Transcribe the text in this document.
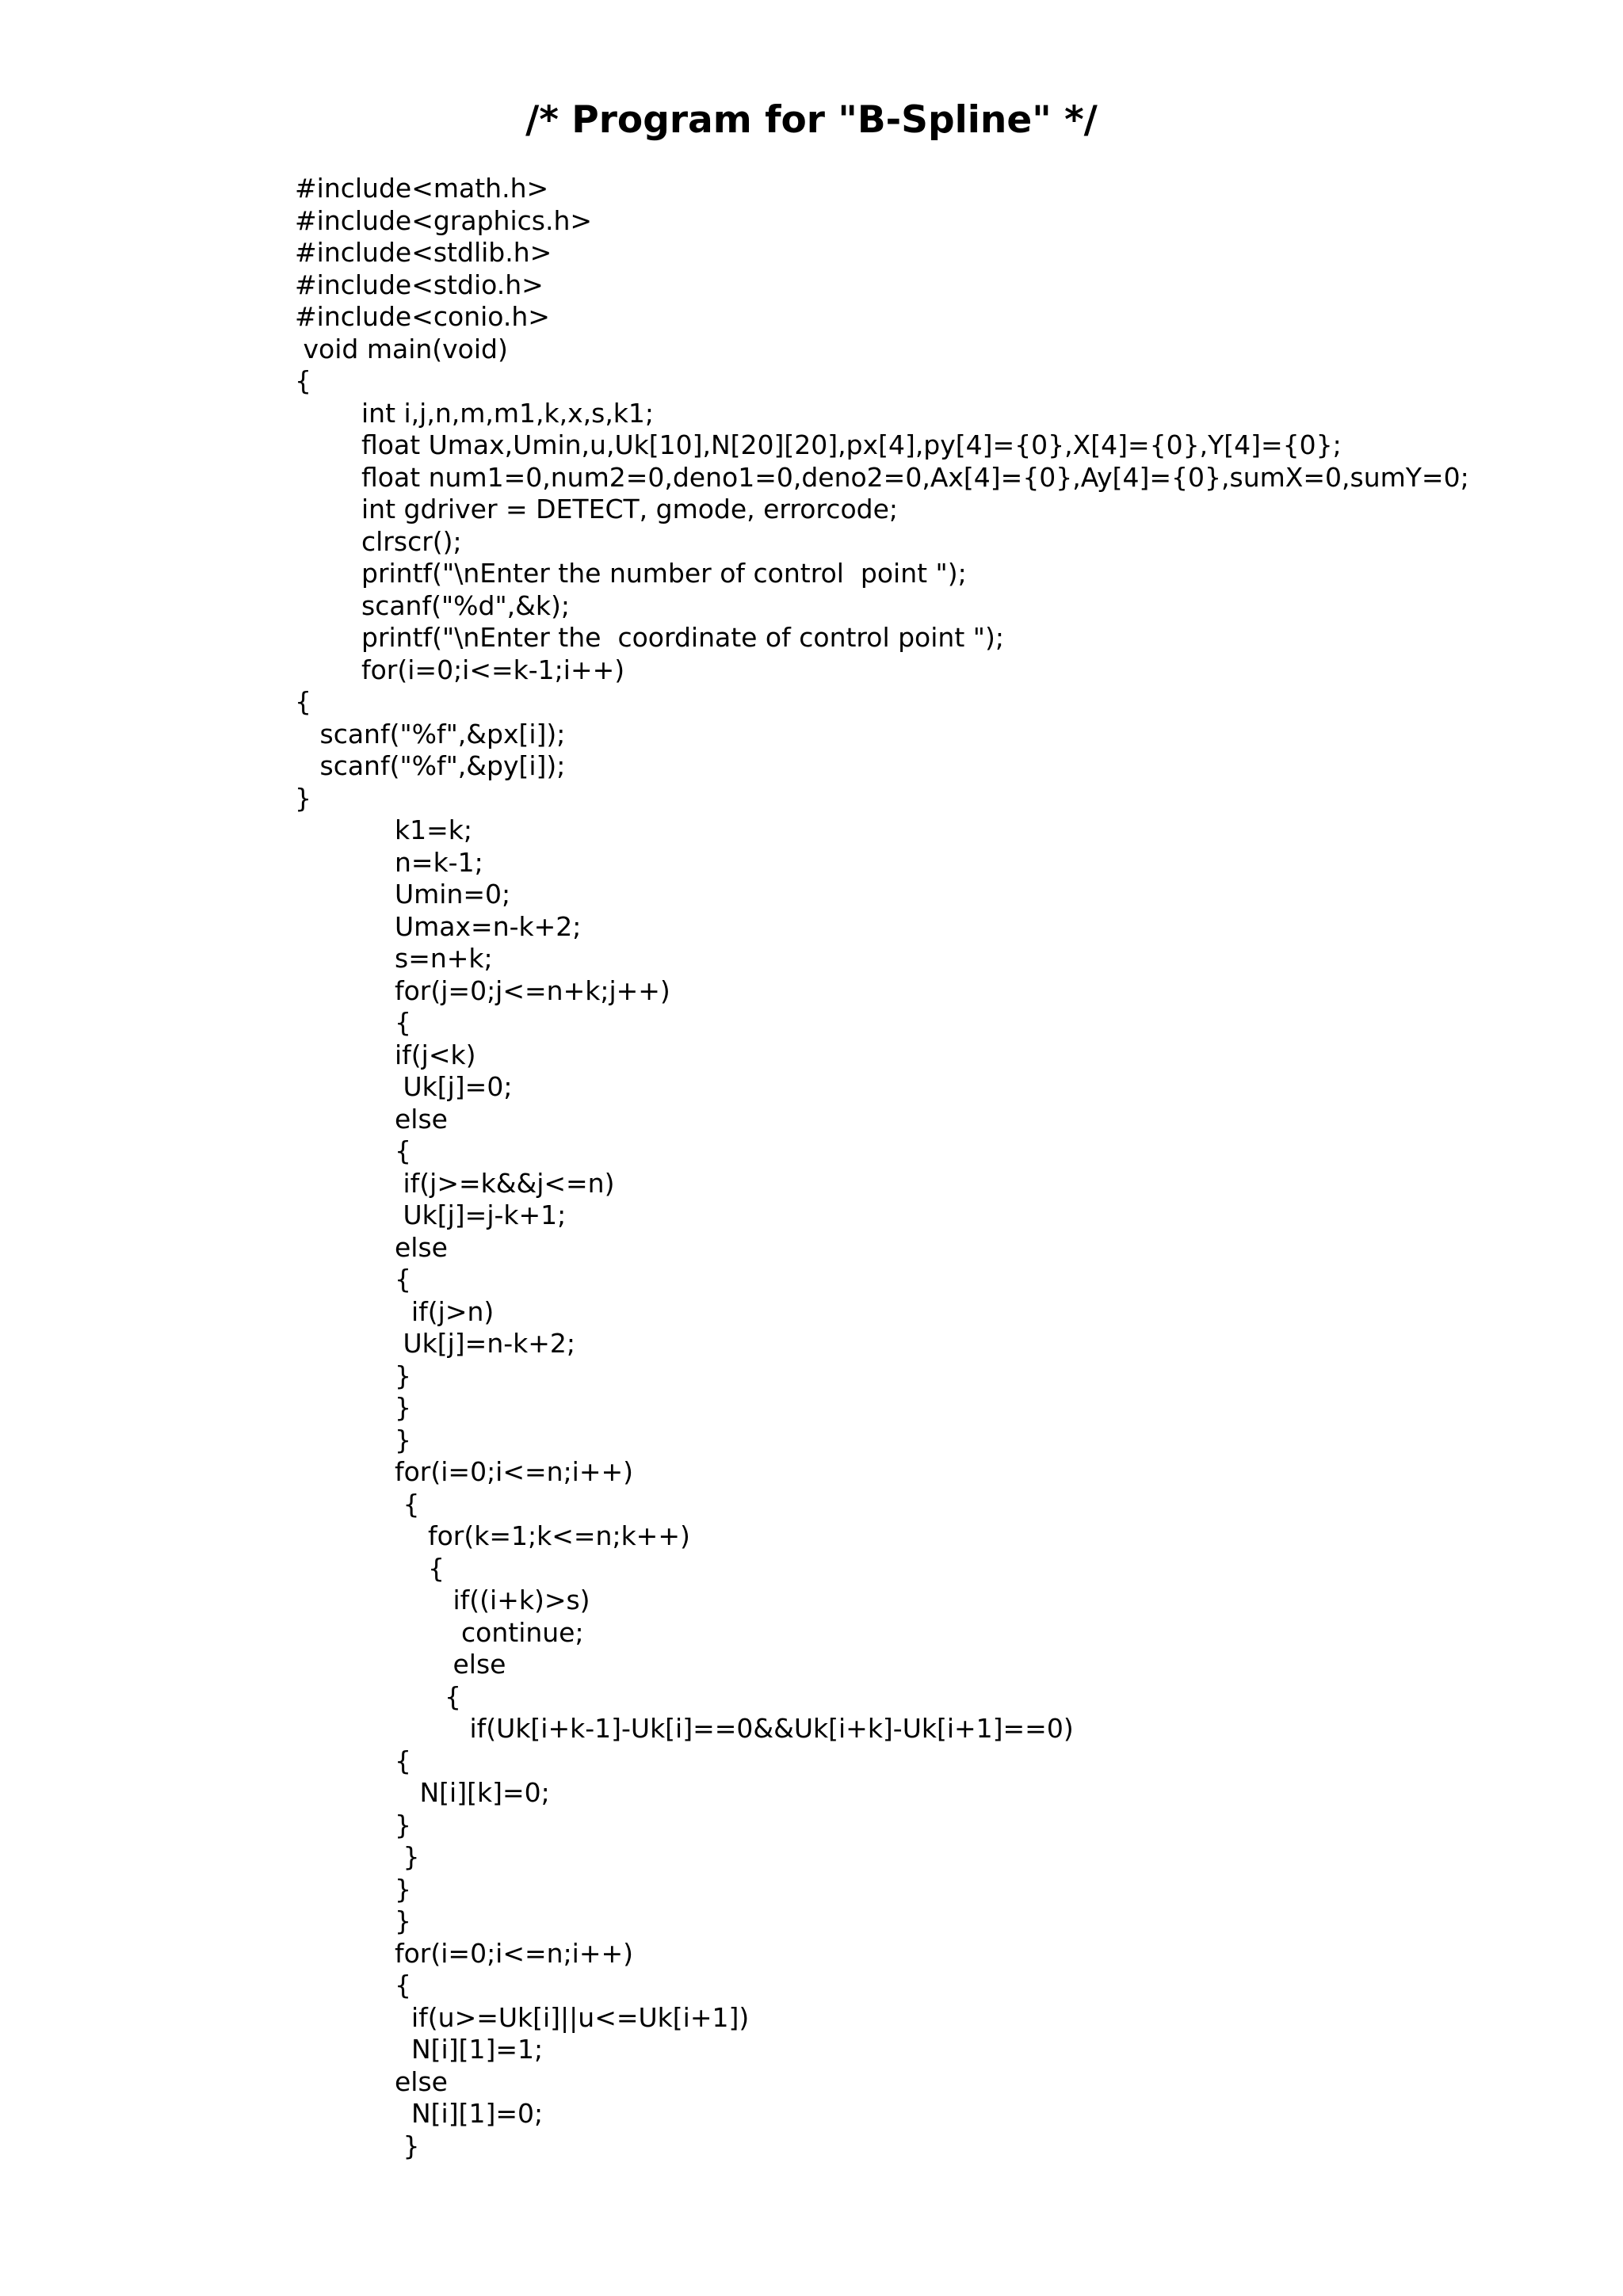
/* Program for "B-Spline" */
#include<math.h>
#include<graphics.h>
#include<stdlib.h>
#include<stdio.h>
#include<conio.h>
void main(void)
{
int i,j,n,m,m1,k,x,s,k1;
float Umax,Umin,u,Uk[10],N[20][20],px[4],py[4]={0},X[4]={0},Y[4]={0};
float num1=0,num2=0,deno1=0,deno2=0,Ax[4]={0},Ay[4]={0},sumX=0,sumY=0;
int gdriver = DETECT, gmode, errorcode;
clrscr();
printf("\nEnter the number of control  point ");
scanf("%d",&k);
printf("\nEnter the  coordinate of control point ");
for(i=0;i<=k-1;i++)
{
scanf("%f",&px[i]);
scanf("%f",&py[i]);
}
k1=k;
n=k-1;
Umin=0;
Umax=n-k+2;
s=n+k;
for(j=0;j<=n+k;j++)
{
if(j<k)
Uk[j]=0;
else
{
if(j>=k&&j<=n)
Uk[j]=j-k+1;
else
{
if(j>n)
Uk[j]=n-k+2;
}
}
}
for(i=0;i<=n;i++)
{
for(k=1;k<=n;k++)
{
if((i+k)>s)
continue;
else
{
if(Uk[i+k-1]-Uk[i]==0&&Uk[i+k]-Uk[i+1]==0)
{
N[i][k]=0;
}
}
}
}
for(i=0;i<=n;i++)
{
if(u>=Uk[i]||u<=Uk[i+1])
N[i][1]=1;
else
N[i][1]=0;
}
